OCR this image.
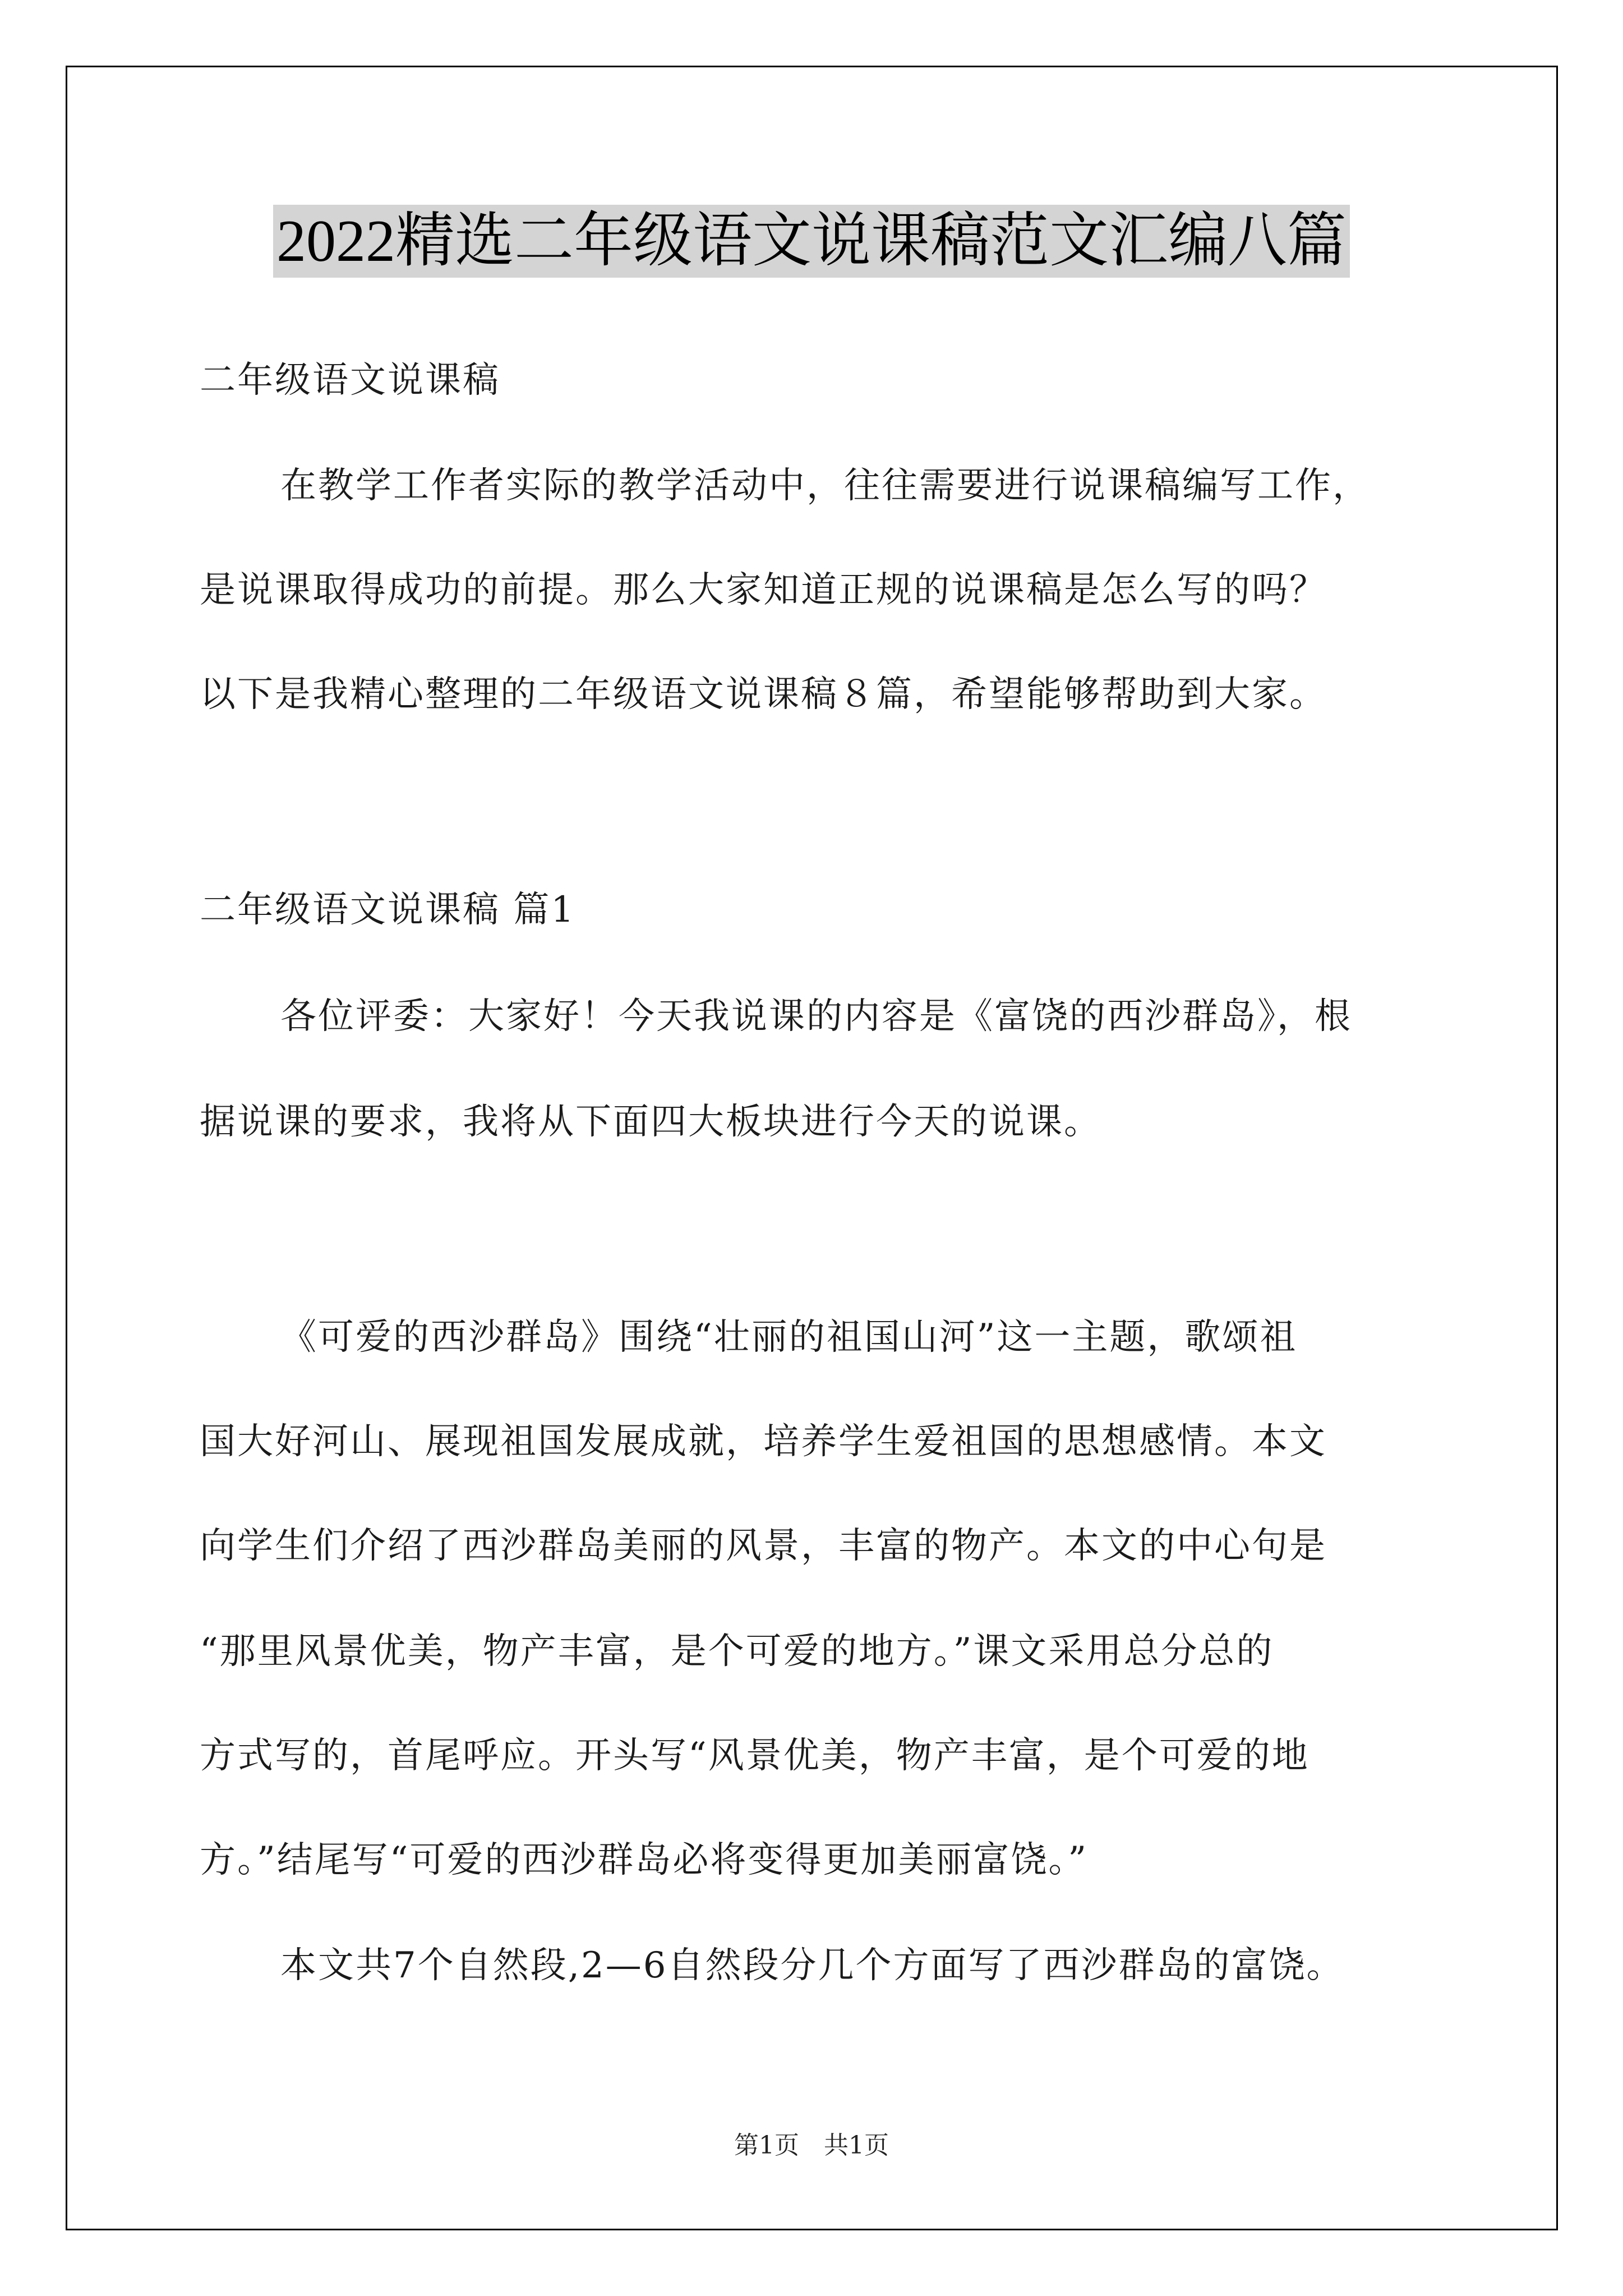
2022精选二年级语文说课稿范文汇编八篇
二年级语文说课稿
在教学工作者实际的教学活动中，往往需要进行说课稿编写工作，
是说课取得成功的前提。那么大家知道正规的说课稿是怎么写的吗？
以下是我精心整理的二年级语文说课稿８篇，希望能够帮助到大家。
二年级语文说课稿 篇1
各位评委：大家好！今天我说课的内容是《富饶的西沙群岛》，根
据说课的要求，我将从下面四大板块进行今天的说课。
《可爱的西沙群岛》围绕“壮丽的祖国山河”这一主题，歌颂祖
国大好河山、展现祖国发展成就，培养学生爱祖国的思想感情。本文
向学生们介绍了西沙群岛美丽的风景，丰富的物产。本文的中心句是
“那里风景优美，物产丰富，是个可爱的地方。”课文采用总分总的
方式写的，首尾呼应。开头写“风景优美，物产丰富，是个可爱的地
方。”结尾写“可爱的西沙群岛必将变得更加美丽富饶。”
本文共7个自然段,2—6自然段分几个方面写了西沙群岛的富饶。
第1页　共1页
